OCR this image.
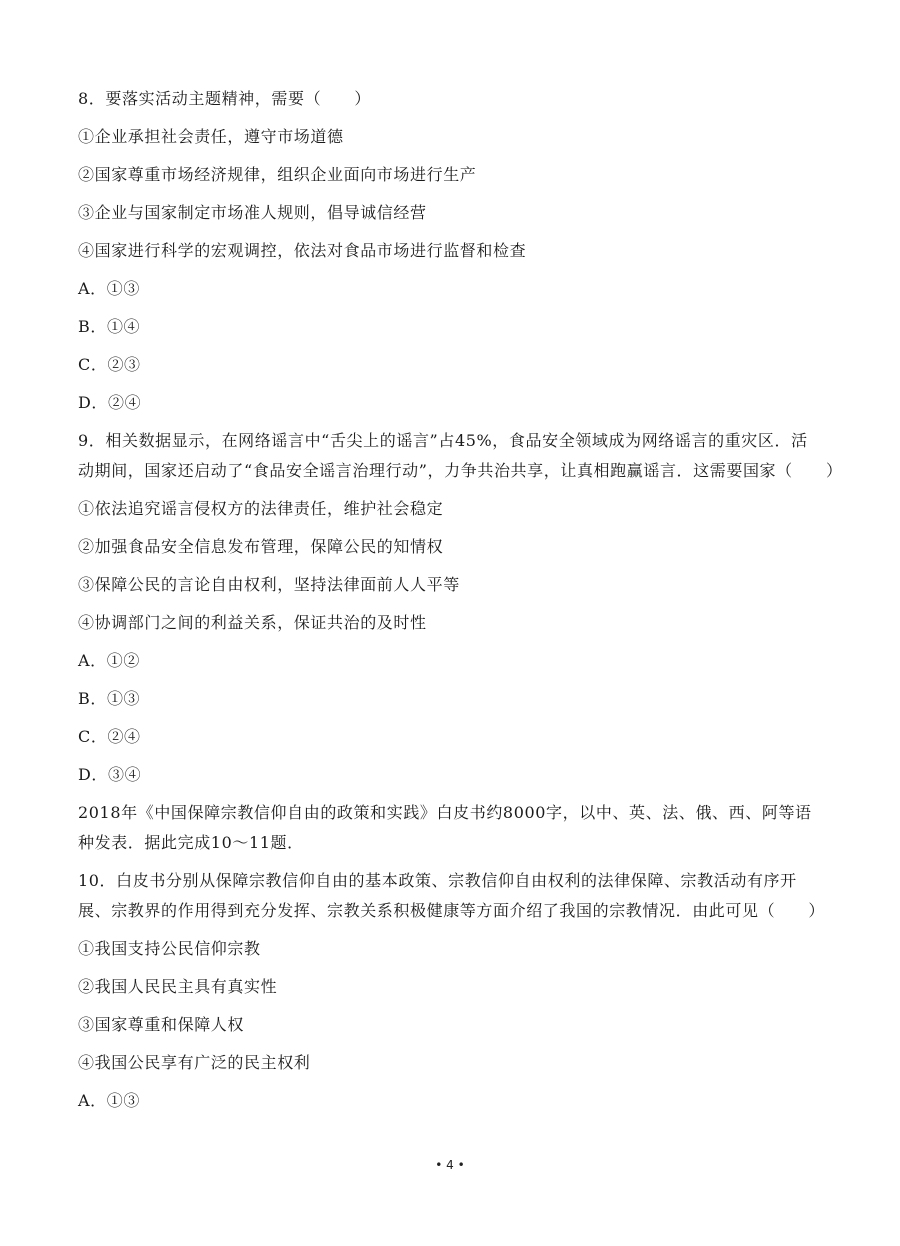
8．要落实活动主题精神，需要（　　）
①企业承担社会责任，遵守市场道德
②国家尊重市场经济规律，组织企业面向市场进行生产
③企业与国家制定市场准人规则，倡导诚信经营
④国家进行科学的宏观调控，依法对食品市场进行监督和检查
A．①③
B．①④
C．②③
D．②④
9．相关数据显示，在网络谣言中“舌尖上的谣言”占45%，食品安全领域成为网络谣言的重灾区．活
动期间，国家还启动了“食品安全谣言治理行动”，力争共治共享，让真相跑赢谣言．这需要国家（　　）
①依法追究谣言侵权方的法律责任，维护社会稳定
②加强食品安全信息发布管理，保障公民的知情权
③保障公民的言论自由权利，坚持法律面前人人平等
④协调部门之间的利益关系，保证共治的及时性
A．①②
B．①③
C．②④
D．③④
2018年《中国保障宗教信仰自由的政策和实践》白皮书约8000字，以中、英、法、俄、西、阿等语
种发表．据此完成10～11题．
10．白皮书分别从保障宗教信仰自由的基本政策、宗教信仰自由权利的法律保障、宗教活动有序开
展、宗教界的作用得到充分发挥、宗教关系积极健康等方面介绍了我国的宗教情况．由此可见（　　）
①我国支持公民信仰宗教
②我国人民民主具有真实性
③国家尊重和保障人权
④我国公民享有广泛的民主权利
A．①③
• 4 •
